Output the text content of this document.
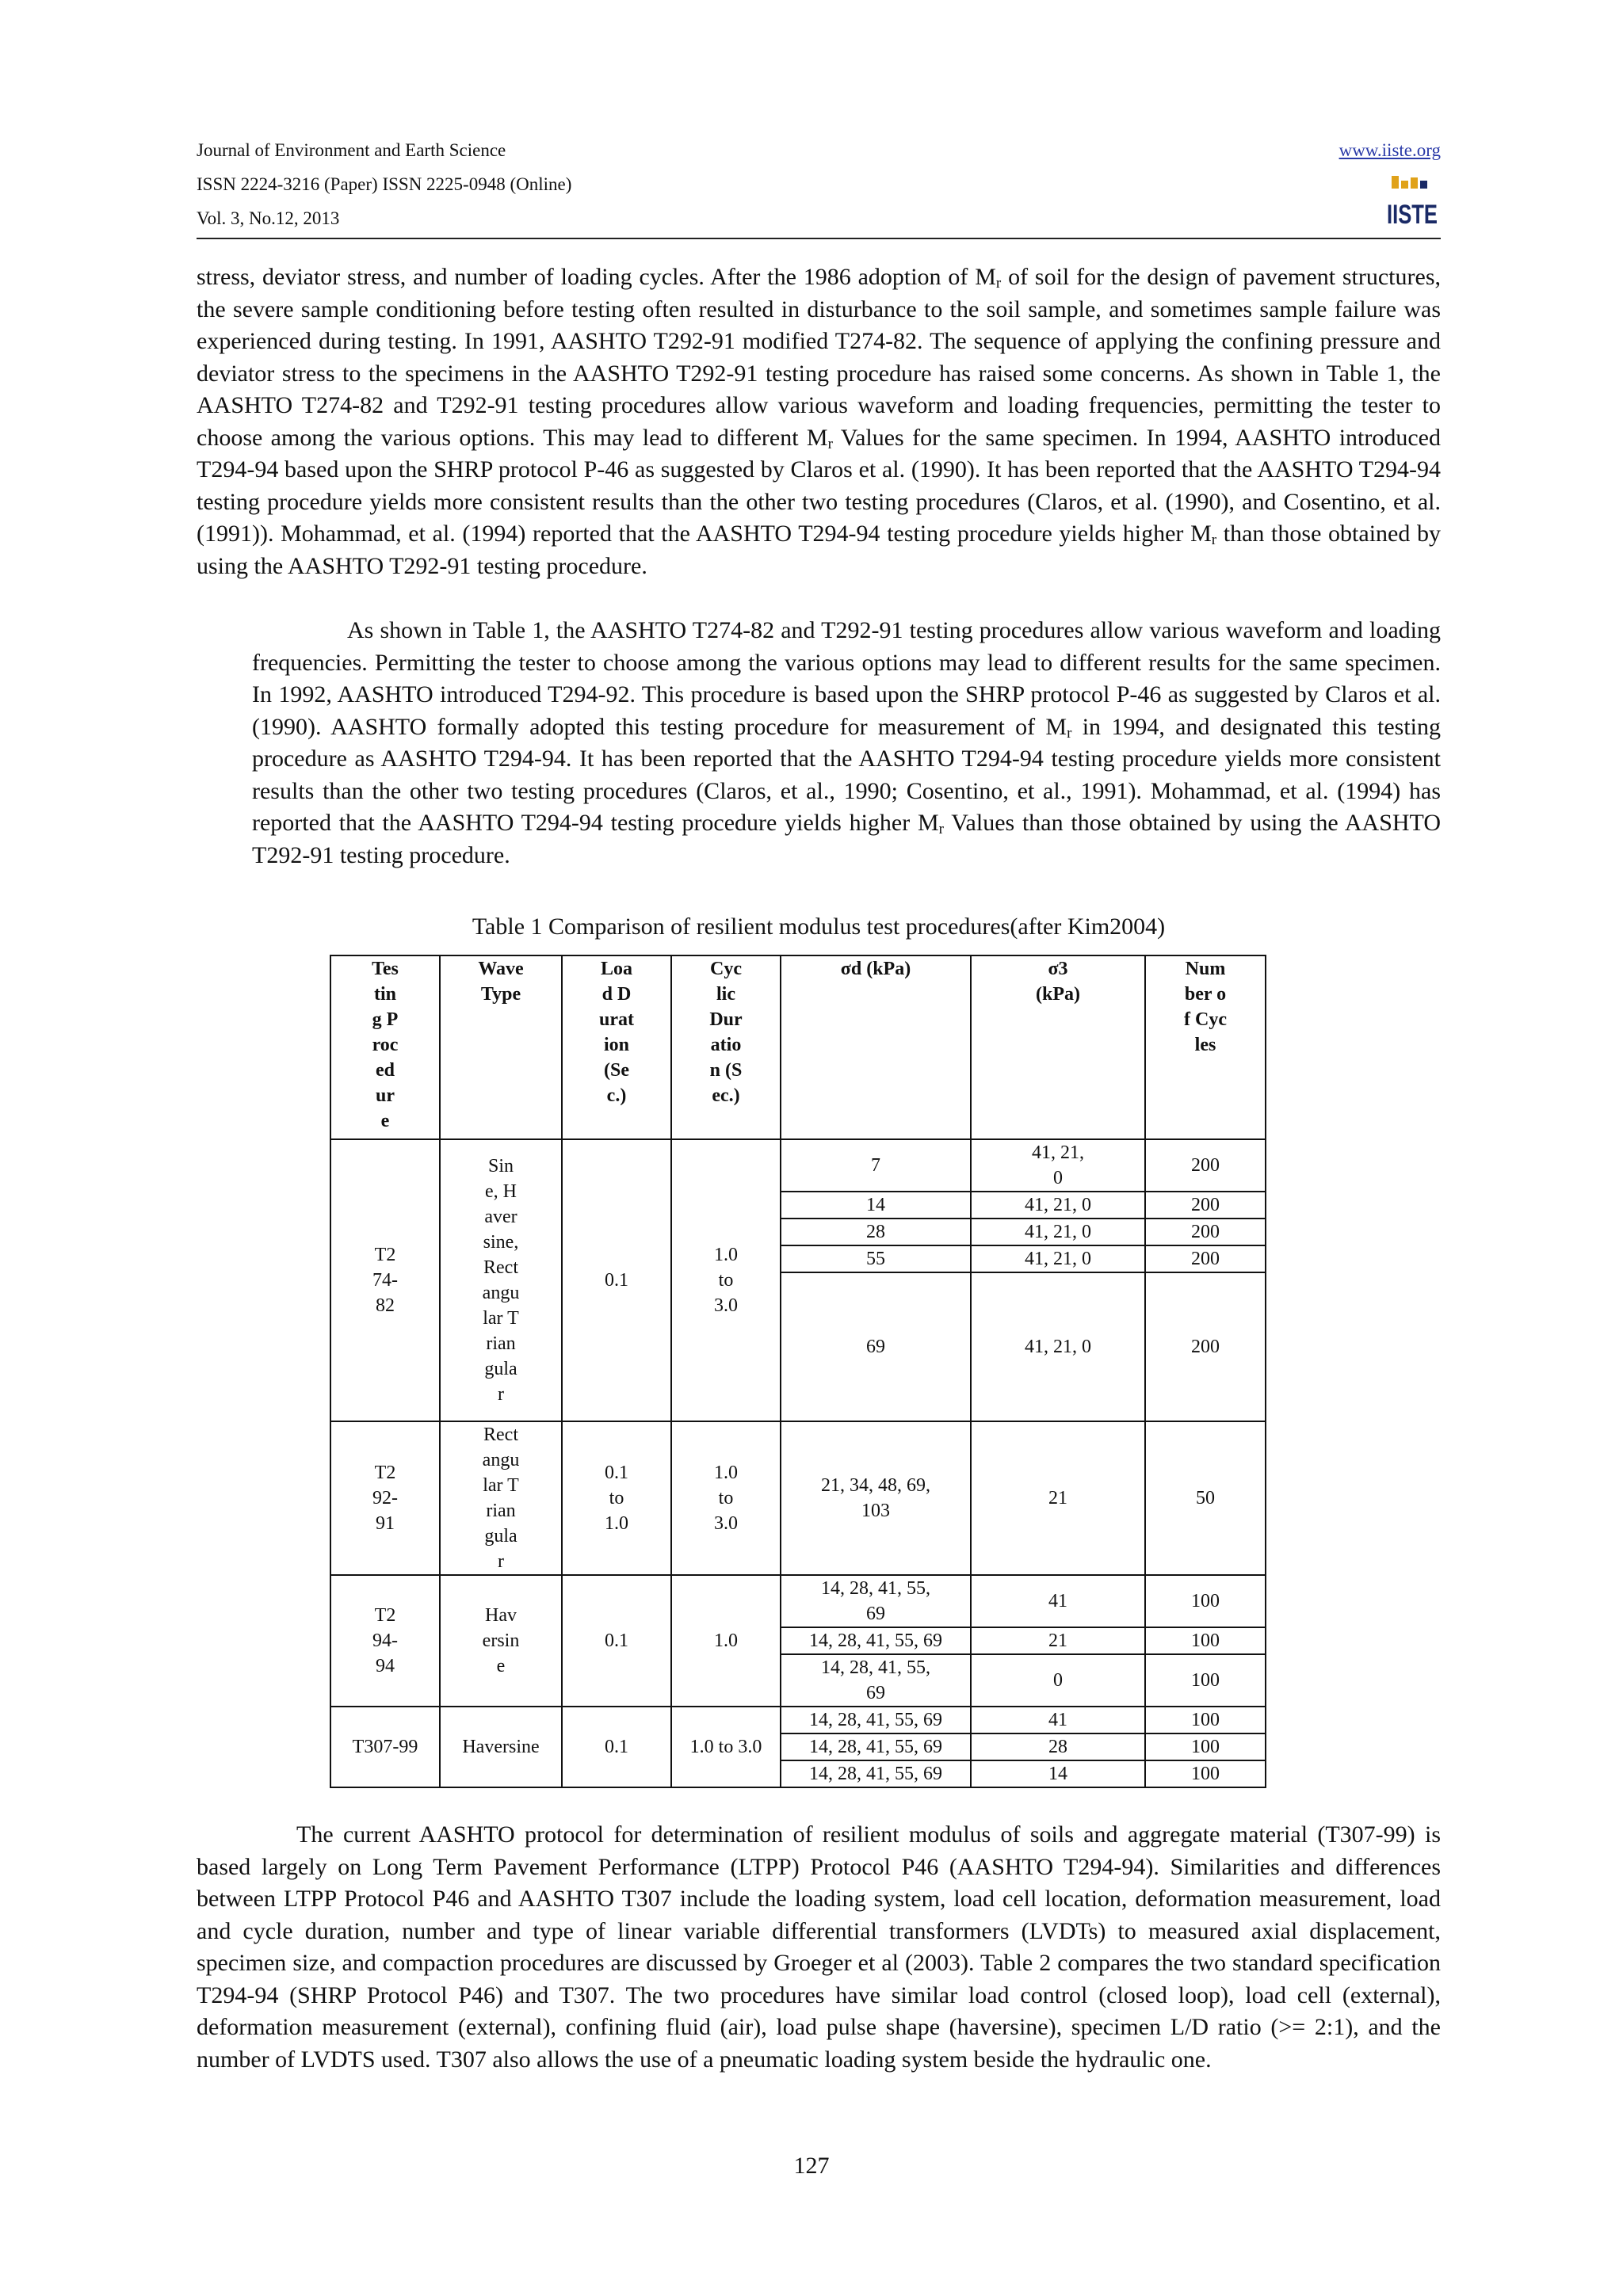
Journal of Environment and Earth Science
ISSN 2224-3216 (Paper) ISSN 2225-0948 (Online)
Vol. 3, No.12, 2013
www.iiste.org
IISTE

stress, deviator stress, and number of loading cycles. After the 1986 adoption of $M_r$ of soil for the design of pavement structures, the severe sample conditioning before testing often resulted in disturbance to the soil sample, and sometimes sample failure was experienced during testing. In 1991, AASHTO T292-91 modified T274-82. The sequence of applying the confining pressure and deviator stress to the specimens in the AASHTO T292-91 testing procedure has raised some concerns. As shown in Table 1, the AASHTO T274-82 and T292-91 testing procedures allow various waveform and loading frequencies, permitting the tester to choose among the various options. This may lead to different $M_r$ Values for the same specimen. In 1994, AASHTO introduced T294-94 based upon the SHRP protocol P-46 as suggested by Claros et al. (1990). It has been reported that the AASHTO T294-94 testing procedure yields more consistent results than the other two testing procedures (Claros, et al. (1990), and Cosentino, et al. (1991)). Mohammad, et al. (1994) reported that the AASHTO T294-94 testing procedure yields higher $M_r$ than those obtained by using the AASHTO T292-91 testing procedure.

As shown in Table 1, the AASHTO T274-82 and T292-91 testing procedures allow various waveform and loading frequencies. Permitting the tester to choose among the various options may lead to different results for the same specimen. In 1992, AASHTO introduced T294-92. This procedure is based upon the SHRP protocol P-46 as suggested by Claros et al. (1990). AASHTO formally adopted this testing procedure for measurement of $M_r$ in 1994, and designated this testing procedure as AASHTO T294-94. It has been reported that the AASHTO T294-94 testing procedure yields more consistent results than the other two testing procedures (Claros, et al., 1990; Cosentino, et al., 1991). Mohammad, et al. (1994) has reported that the AASHTO T294-94 testing procedure yields higher $M_r$ Values than those obtained by using the AASHTO T292-91 testing procedure.

Table 1 Comparison of resilient modulus test procedures(after Kim2004)
Testing Procedure	Wave Type	Load Duration (Sec.)	Cyclic Duration (Sec.)	σd (kPa)	σ3 (kPa)	Number of Cycles

T274-82	Sine, Haversine, Rectangular Triangular	0.1	1.0 to 3.0	7	41, 21, 0	200
				14	41, 21, 0	200
				28	41, 21, 0	200
				55	41, 21, 0	200
				69	41, 21, 0	200

T292-91	Rectangular Triangular	0.1 to 1.0	1.0 to 3.0	21, 34, 48, 69, 103	21	50

T294-94	Haversine	0.1	1.0	14, 28, 41, 55, 69	41	100
				14, 28, 41, 55, 69	21	100

				14, 28, 41, 55, 69	0	100
T307-99	Haversine	0.1	1.0 to 3.0	14, 28, 41, 55, 69	41	100
				14, 28, 41, 55, 69	28	100
				14, 28, 41, 55, 69	14	100

The current AASHTO protocol for determination of resilient modulus of soils and aggregate material (T307-99) is based largely on Long Term Pavement Performance (LTPP) Protocol P46 (AASHTO T294-94). Similarities and differences between LTPP Protocol P46 and AASHTO T307 include the loading system, load cell location, deformation measurement, load and cycle duration, number and type of linear variable differential transformers (LVDTs) to measured axial displacement, specimen size, and compaction procedures are discussed by Groeger et al (2003). Table 2 compares the two standard specification T294-94 (SHRP Protocol P46) and T307. The two procedures have similar load control (closed loop), load cell (external), deformation measurement (external), confining fluid (air), load pulse shape (haversine), specimen L/D ratio (>= 2:1), and the number of LVDTS used. T307 also allows the use of a pneumatic loading system beside the hydraulic one.

127
